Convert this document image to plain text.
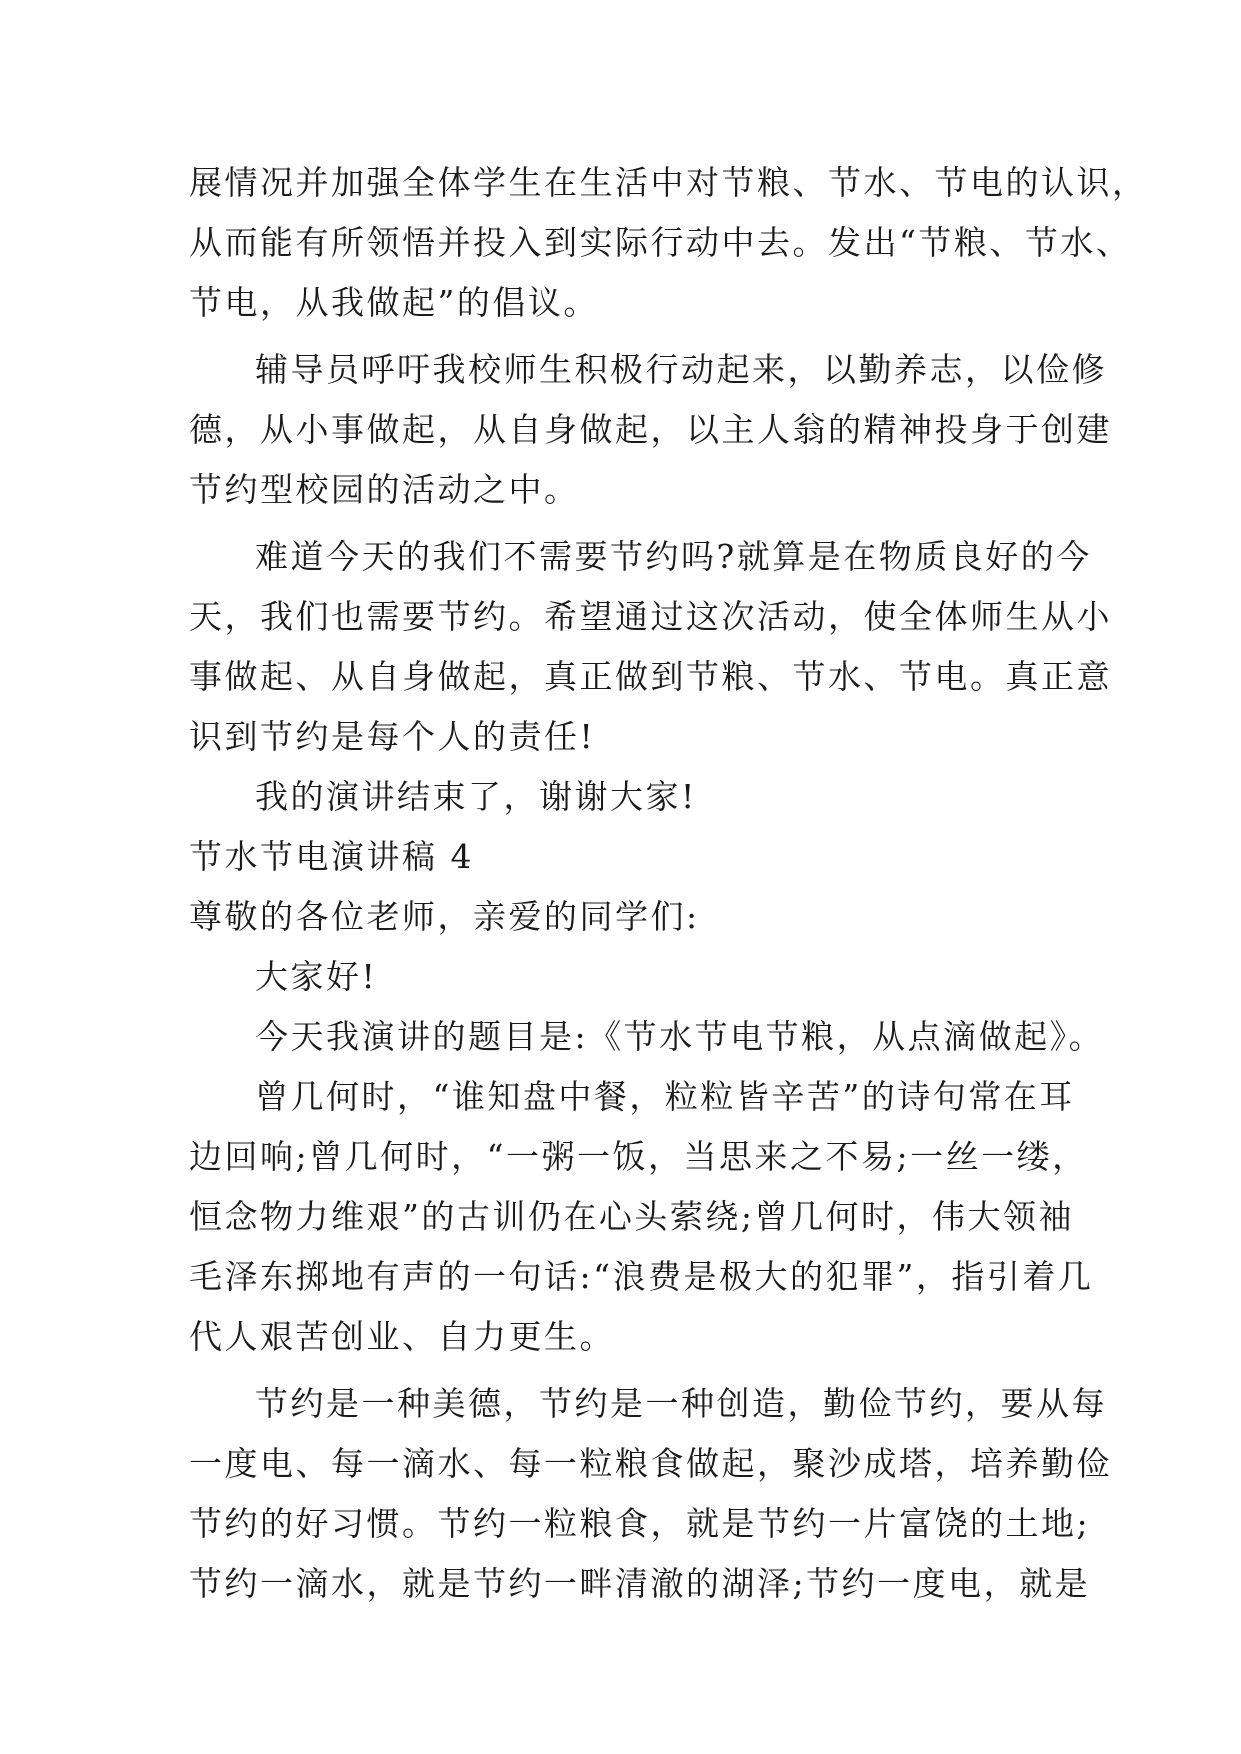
展情况并加强全体学生在生活中对节粮、节水、节电的认识，
从而能有所领悟并投入到实际行动中去。发出“节粮、节水、
节电，从我做起”的倡议。
辅导员呼吁我校师生积极行动起来，以勤养志，以俭修
德，从小事做起，从自身做起，以主人翁的精神投身于创建
节约型校园的活动之中。
难道今天的我们不需要节约吗?就算是在物质良好的今
天，我们也需要节约。希望通过这次活动，使全体师生从小
事做起、从自身做起，真正做到节粮、节水、节电。真正意
识到节约是每个人的责任!
我的演讲结束了，谢谢大家!
节水节电演讲稿 4
尊敬的各位老师，亲爱的同学们:
大家好!
今天我演讲的题目是:《节水节电节粮，从点滴做起》。
曾几何时，“谁知盘中餐，粒粒皆辛苦”的诗句常在耳
边回响;曾几何时，“一粥一饭，当思来之不易;一丝一缕，
恒念物力维艰”的古训仍在心头萦绕;曾几何时，伟大领袖
毛泽东掷地有声的一句话:“浪费是极大的犯罪”，指引着几
代人艰苦创业、自力更生。
节约是一种美德，节约是一种创造，勤俭节约，要从每
一度电、每一滴水、每一粒粮食做起，聚沙成塔，培养勤俭
节约的好习惯。节约一粒粮食，就是节约一片富饶的土地;
节约一滴水，就是节约一畔清澈的湖泽;节约一度电，就是
